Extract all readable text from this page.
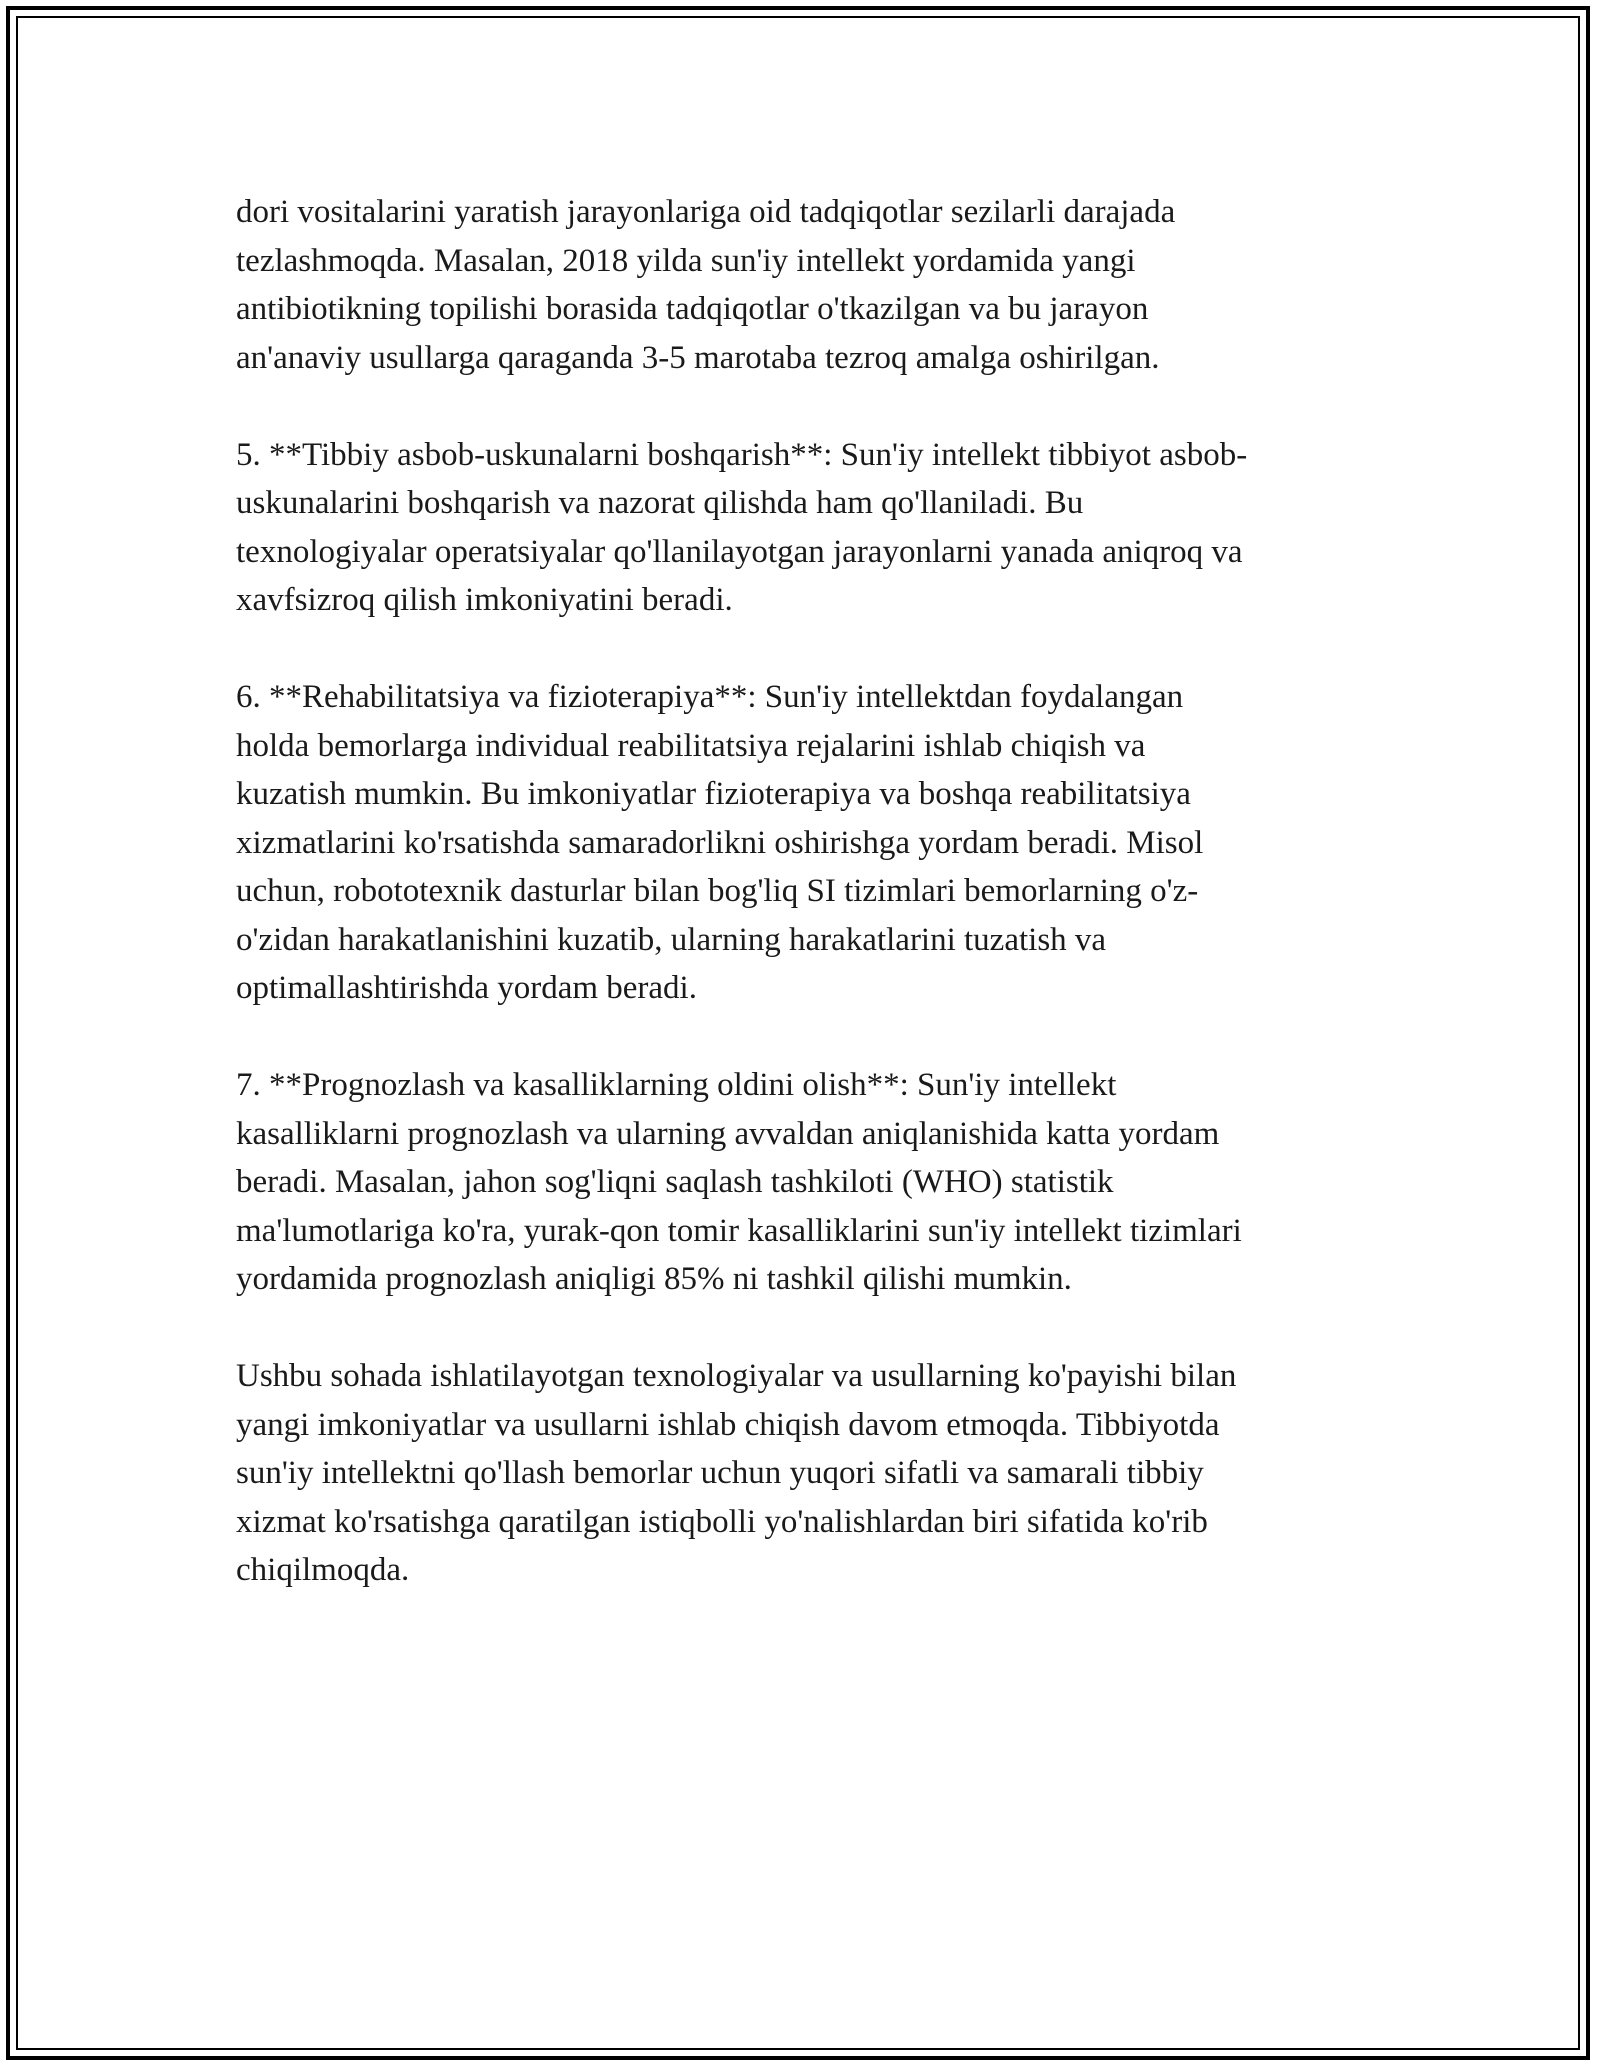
dori vositalarini yaratish jarayonlariga oid tadqiqotlar sezilarli darajada
tezlashmoqda. Masalan, 2018 yilda sun'iy intellekt yordamida yangi
antibiotikning topilishi borasida tadqiqotlar o'tkazilgan va bu jarayon
an'anaviy usullarga qaraganda 3-5 marotaba tezroq amalga oshirilgan.

5. **Tibbiy asbob-uskunalarni boshqarish**: Sun'iy intellekt tibbiyot asbob-
uskunalarini boshqarish va nazorat qilishda ham qo'llaniladi. Bu
texnologiyalar operatsiyalar qo'llanilayotgan jarayonlarni yanada aniqroq va
xavfsizroq qilish imkoniyatini beradi.

6. **Rehabilitatsiya va fizioterapiya**: Sun'iy intellektdan foydalangan
holda bemorlarga individual reabilitatsiya rejalarini ishlab chiqish va
kuzatish mumkin. Bu imkoniyatlar fizioterapiya va boshqa reabilitatsiya
xizmatlarini ko'rsatishda samaradorlikni oshirishga yordam beradi. Misol
uchun, robototexnik dasturlar bilan bog'liq SI tizimlari bemorlarning o'z-
o'zidan harakatlanishini kuzatib, ularning harakatlarini tuzatish va
optimallashtirishda yordam beradi.

7. **Prognozlash va kasalliklarning oldini olish**: Sun'iy intellekt
kasalliklarni prognozlash va ularning avvaldan aniqlanishida katta yordam
beradi. Masalan, jahon sog'liqni saqlash tashkiloti (WHO) statistik
ma'lumotlariga ko'ra, yurak-qon tomir kasalliklarini sun'iy intellekt tizimlari
yordamida prognozlash aniqligi 85% ni tashkil qilishi mumkin.

Ushbu sohada ishlatilayotgan texnologiyalar va usullarning ko'payishi bilan
yangi imkoniyatlar va usullarni ishlab chiqish davom etmoqda. Tibbiyotda
sun'iy intellektni qo'llash bemorlar uchun yuqori sifatli va samarali tibbiy
xizmat ko'rsatishga qaratilgan istiqbolli yo'nalishlardan biri sifatida ko'rib
chiqilmoqda.
